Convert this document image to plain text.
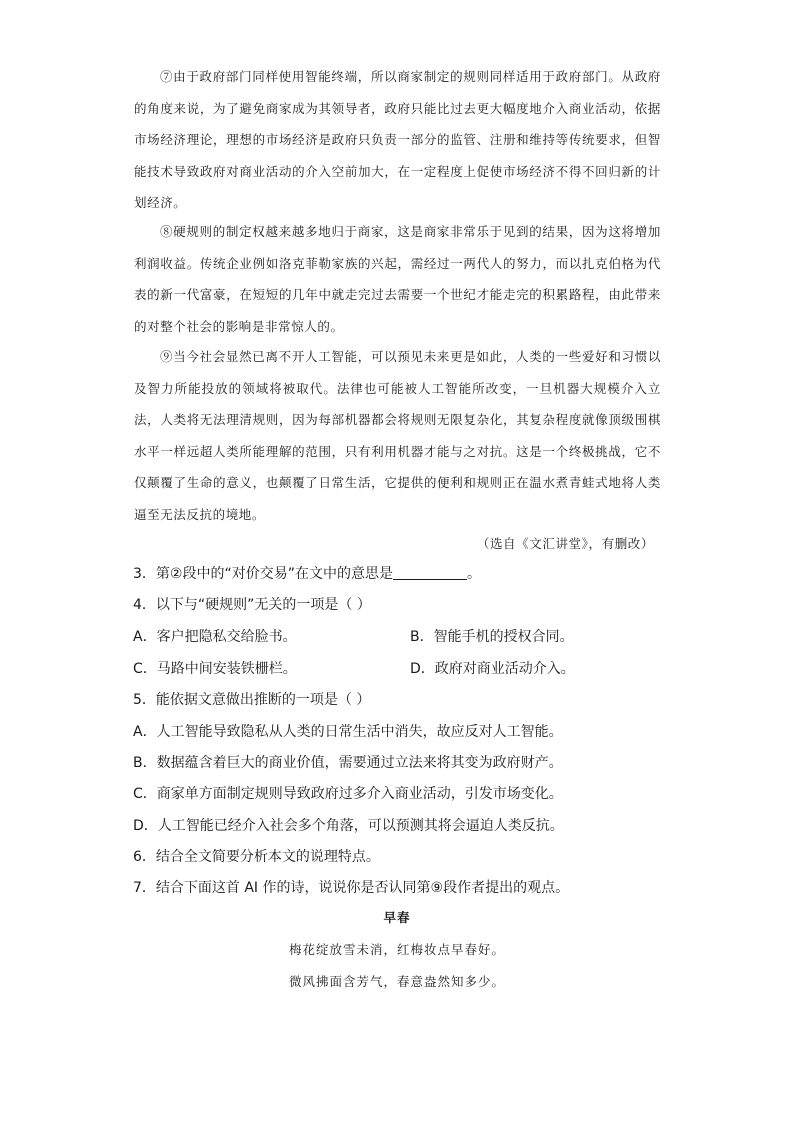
⑦由于政府部门同样使用智能终端，所以商家制定的规则同样适用于政府部门。从政府的角度来说，为了避免商家成为其领导者，政府只能比过去更大幅度地介入商业活动，依据市场经济理论，理想的市场经济是政府只负责一部分的监管、注册和维持等传统要求，但智能技术导致政府对商业活动的介入空前加大，在一定程度上促使市场经济不得不回归新的计划经济。

⑧硬规则的制定权越来越多地归于商家，这是商家非常乐于见到的结果，因为这将增加利润收益。传统企业例如洛克菲勒家族的兴起，需经过一两代人的努力，而以扎克伯格为代表的新一代富豪，在短短的几年中就走完过去需要一个世纪才能走完的积累路程，由此带来的对整个社会的影响是非常惊人的。

⑨当今社会显然已离不开人工智能，可以预见未来更是如此，人类的一些爱好和习惯以及智力所能投放的领域将被取代。法律也可能被人工智能所改变，一旦机器大规模介入立法，人类将无法理清规则，因为每部机器都会将规则无限复杂化，其复杂程度就像顶级围棋水平一样远超人类所能理解的范围，只有利用机器才能与之对抗。这是一个终极挑战，它不仅颠覆了生命的意义，也颠覆了日常生活，它提供的便利和规则正在温水煮青蛙式地将人类逼至无法反抗的境地。

（选自《文汇讲堂》，有删改）

3．第②段中的“对价交易”在文中的意思是	。

4．以下与“硬规则”无关的一项是（ ）

A．客户把隐私交给脸书。	B．智能手机的授权合同。

C．马路中间安装铁栅栏。	D．政府对商业活动介入。

5．能依据文意做出推断的一项是（ ）

A．人工智能导致隐私从人类的日常生活中消失，故应反对人工智能。

B．数据蕴含着巨大的商业价值，需要通过立法来将其变为政府财产。

C．商家单方面制定规则导致政府过多介入商业活动，引发市场变化。

D．人工智能已经介入社会多个角落，可以预测其将会逼迫人类反抗。

6．结合全文简要分析本文的说理特点。

7．结合下面这首 AI 作的诗，说说你是否认同第⑨段作者提出的观点。

早春

梅花绽放雪未消，红梅妆点早春好。

微风拂面含芳气，春意盎然知多少。
